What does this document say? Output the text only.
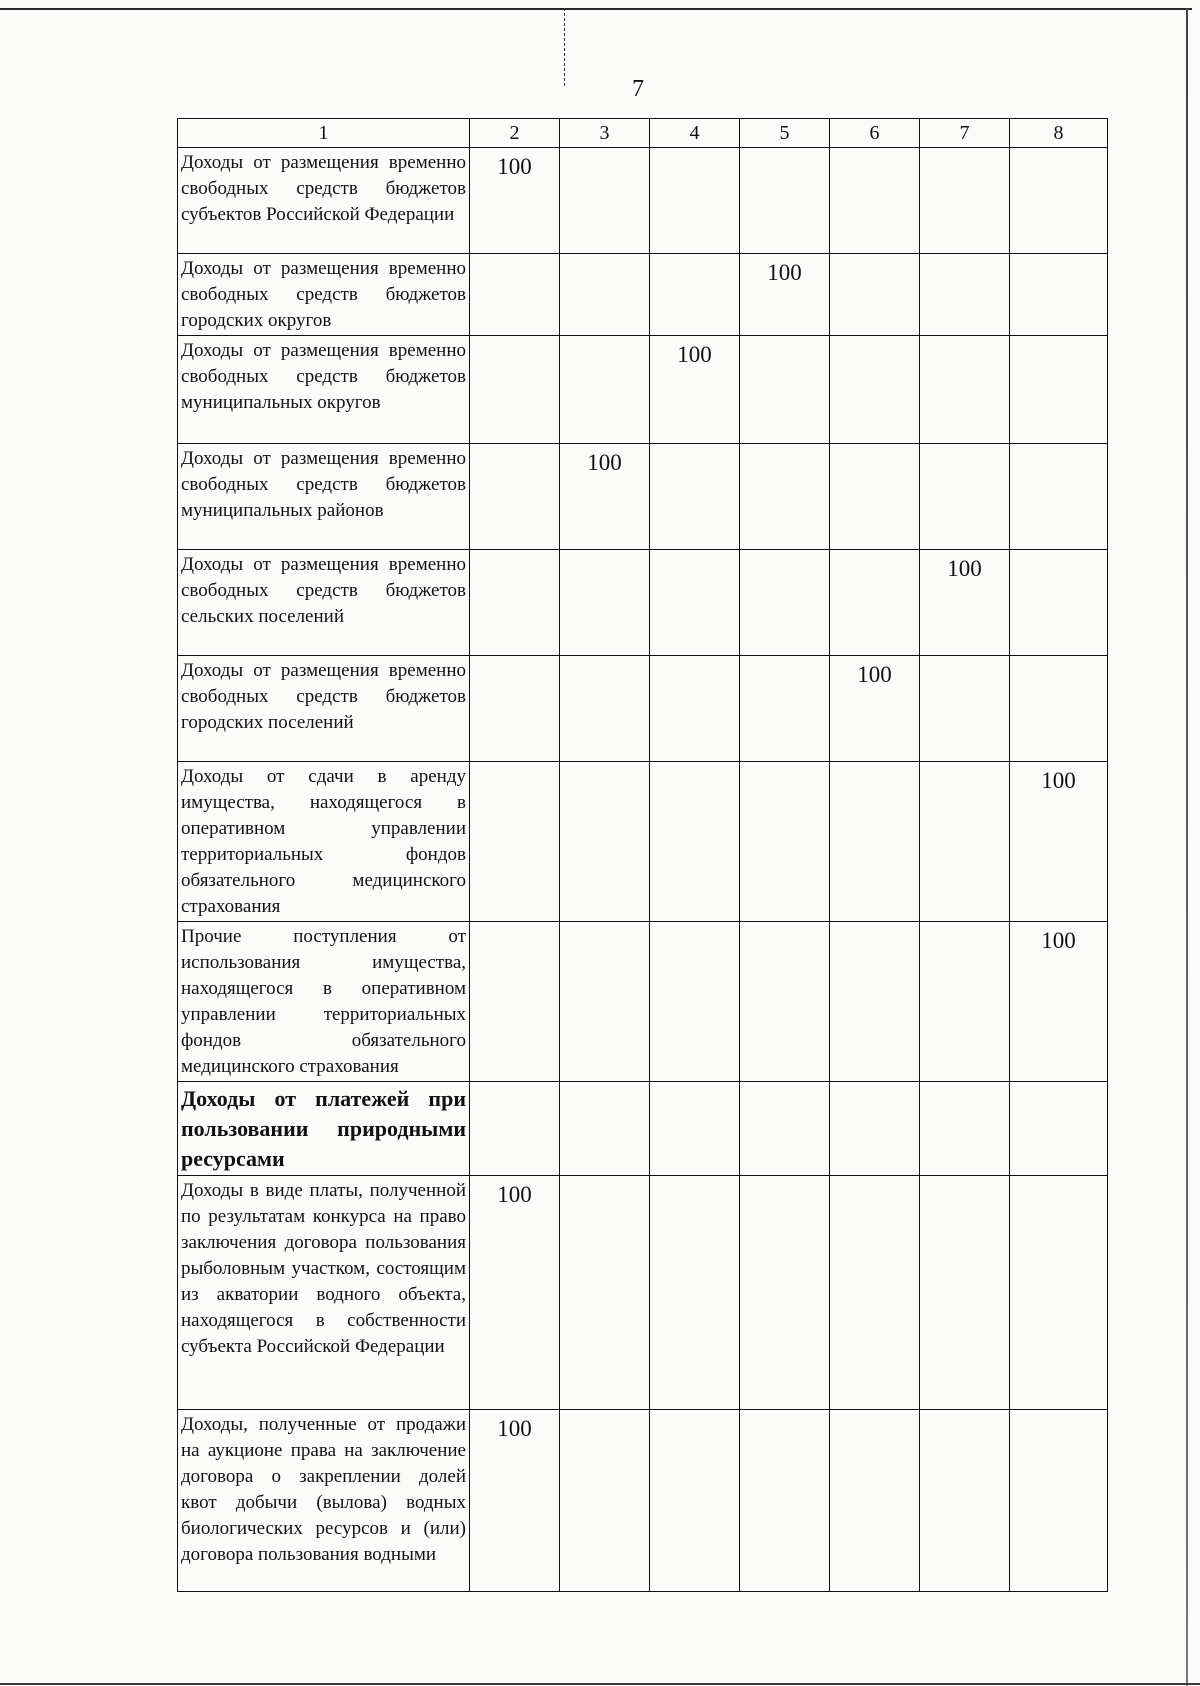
7
1	2	3	4	5	6	7	8
Доходы от размещения временно свободных средств бюджетов субъектов Российской Федерации	100						
Доходы от размещения временно свободных средств бюджетов городских округов				100			
Доходы от размещения временно свободных средств бюджетов муниципальных округов			100				
Доходы от размещения временно свободных средств бюджетов муниципальных районов		100					
Доходы от размещения временно свободных средств бюджетов сельских поселений						100	
Доходы от размещения временно свободных средств бюджетов городских поселений					100		
Доходы от сдачи в аренду имущества, находящегося в оперативном управлении территориальных фондов обязательного медицинского страхования							100
Прочие поступления от использования имущества, находящегося в оперативном управлении территориальных фондов обязательного медицинского страхования							100
Доходы от платежей при пользовании природными ресурсами							
Доходы в виде платы, полученной по результатам конкурса на право заключения договора пользования рыболовным участком, состоящим из акватории водного объекта, находящегося в собственности субъекта Российской Федерации	100						
Доходы, полученные от продажи на аукционе права на заключение договора о закреплении долей квот добычи (вылова) водных биологических ресурсов и (или) договора пользования водными	100						
